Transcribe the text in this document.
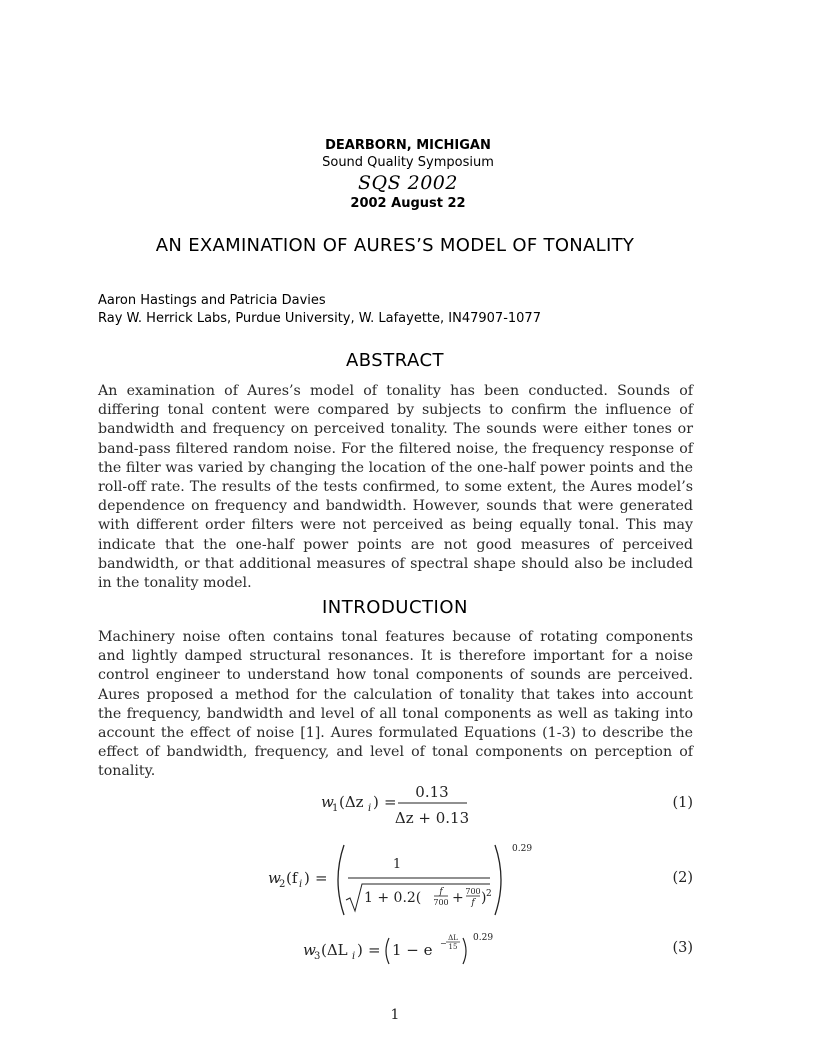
DEARBORN, MICHIGAN
Sound Quality Symposium
SQS 2002
2002 August 22
AN EXAMINATION OF AURES’S MODEL OF TONALITY
Aaron Hastings and Patricia Davies
Ray W. Herrick Labs, Purdue University, W. Lafayette, IN47907-1077
ABSTRACT

An examination of Aures’s model of tonality has been conducted. Sounds of differing tonal content were compared by subjects to confirm the influence of bandwidth and frequency on perceived tonality. The sounds were either tones or band-pass filtered random noise. For the filtered noise, the frequency response of the filter was varied by changing the location of the one-half power points and the roll-off rate. The results of the tests confirmed, to some extent, the Aures model’s dependence on frequency and bandwidth. However, sounds that were generated with different order filters were not perceived as being equally tonal. This may indicate that the one-half power points are not good measures of perceived bandwidth, or that additional measures of spectral shape should also be included in the tonality model.

INTRODUCTION

Machinery noise often contains tonal features because of rotating components and lightly damped structural resonances. It is therefore important for a noise control engineer to understand how tonal components of sounds are perceived. Aures proposed a method for the calculation of tonality that takes into account the frequency, bandwidth and level of all tonal components as well as taking into account the effect of noise [1]. Aures formulated Equations (1-3) to describe the effect of bandwidth, frequency, and level of tonal components on perception of tonality.

w
1 (Δz i ) =
0.13
Δz + 0.13
(1)
w
2 (f i ) =
1
1 + 0.2( f
700 + 700
f ) 2
0.29
(2)
w
3 (ΔL i ) = 1 − e −
ΔL
15
0.29
(3)
1
